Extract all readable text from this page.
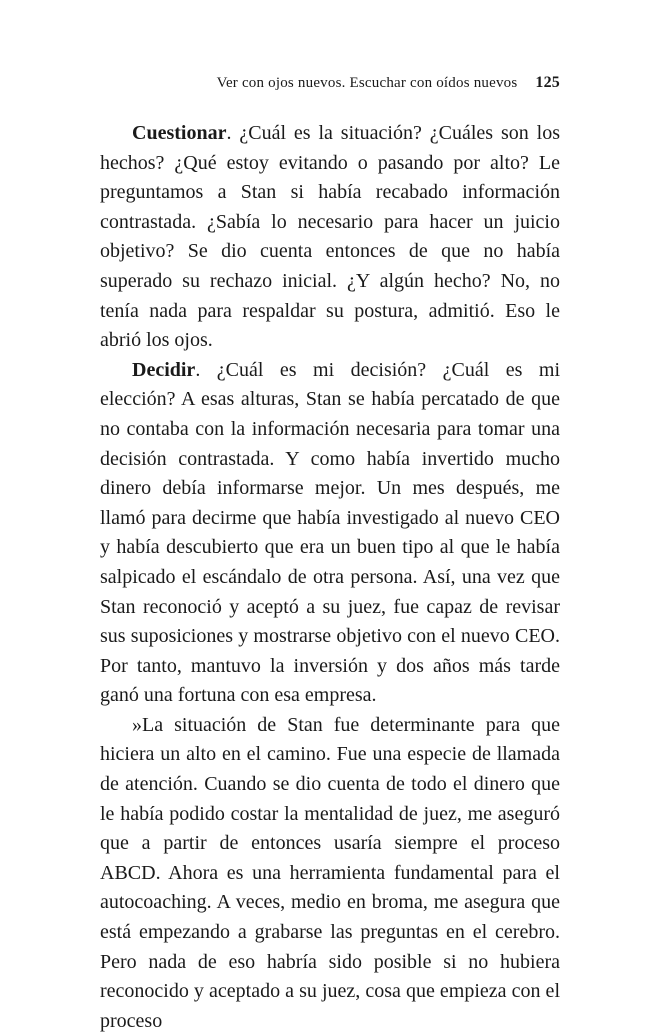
Ver con ojos nuevos. Escuchar con oídos nuevos 125

Cuestionar. ¿Cuál es la situación? ¿Cuáles son los hechos? ¿Qué estoy evitando o pasando por alto? Le preguntamos a Stan si había recabado información contrastada. ¿Sabía lo necesario para hacer un juicio objetivo? Se dio cuenta entonces de que no había superado su rechazo inicial. ¿Y algún hecho? No, no tenía nada para respaldar su postura, admitió. Eso le abrió los ojos.

Decidir. ¿Cuál es mi decisión? ¿Cuál es mi elección? A esas alturas, Stan se había percatado de que no contaba con la información necesaria para tomar una decisión contrastada. Y como había invertido mucho dinero debía informarse mejor. Un mes después, me llamó para decirme que había investigado al nuevo CEO y había descubierto que era un buen tipo al que le había salpicado el escándalo de otra persona. Así, una vez que Stan reconoció y aceptó a su juez, fue capaz de revisar sus suposiciones y mostrarse objetivo con el nuevo CEO. Por tanto, mantuvo la inversión y dos años más tarde ganó una fortuna con esa empresa.

»La situación de Stan fue determinante para que hiciera un alto en el camino. Fue una especie de llamada de atención. Cuando se dio cuenta de todo el dinero que le había podido costar la mentalidad de juez, me aseguró que a partir de entonces usaría siempre el proceso ABCD. Ahora es una herramienta fundamental para el autocoaching. A veces, medio en broma, me asegura que está empezando a grabarse las preguntas en el cerebro. Pero nada de eso habría sido posible si no hubiera reconocido y aceptado a su juez, cosa que empieza con el proceso
